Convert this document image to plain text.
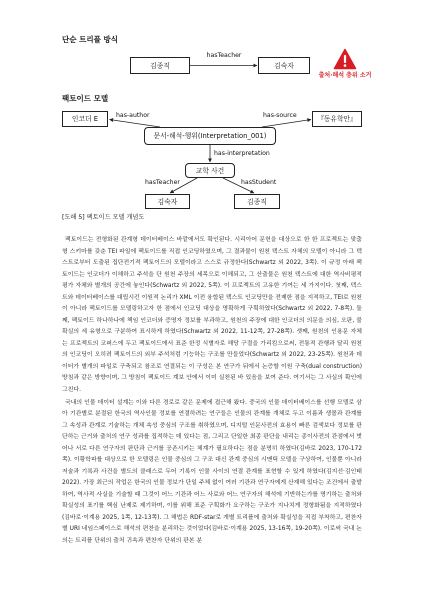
단순 트리플 방식
김종직
hasTeacher
김숙자
출처·해석 층위 소거
팩토이드 모델
인코더 E	『동유학안』
has-author	has-source
문서-해석-행위(Interpretation_001)
has-interpretation
교학 사건
hasTeacher	hasStudent
김숙자	김종직
[도해 5] 팩토이드 모델 개념도

팩토이드는 전형화된 관계형 데이터베이스 바깥에서도 확인된다. 시리아어 문헌을 대상으로 한 한 프로젝트는 맞춤형 스키마를 갖춘 TEI 파일에 팩토이드를 직접 인코딩하였으며, 그 결과물이 원천 텍스트 자체의 모델이 아니라 그 텍스트로부터 도출된 집단전기적 팩토이드의 모델이라고 스스로 규정한다(Schwartz 외 2022, 3쪽). 이 규정 아래 팩토이드는 인코더가 이해하고 주석을 단 원천 주장의 세목으로 이해되고, 그 산출물은 원천 텍스트에 대한 역사비평적 평가 자체와 별개의 공간에 놓인다(Schwartz 외 2022, 5쪽). 이 프로젝트의 고유한 기여는 세 가지이다. 첫째, 텍스트와 데이터베이스를 대립시킨 이원적 논리가 XML 이전 융합된 텍스트 인코딩만을 전제한 점을 지적하고, TEI로 원천이 아니라 팩토이드를 모델링하고자 한 점에서 인코딩 대상을 명확하게 구획하였다(Schwartz 외 2022, 7-8쪽). 둘째, 팩토이드 하나하나에 책임 인코더와 증명자 정보를 부과하고, 원천의 주장에 대한 인코더의 의문을 의심, 오판, 불확실의 세 유형으로 구분하여 표시하게 하였다(Schwartz 외 2022, 11-12쪽, 27-28쪽). 셋째, 원천의 인용문 자체는 프로젝트의 코퍼스에 두고 팩토이드에서 표준 한정 식별자로 해당 구절을 가리킴으로써, 전통적 관행과 달리 원천의 인코딩이 오히려 팩토이드의 외부 주석처럼 기능하는 구조를 만들었다(Schwartz 외 2022, 23-25쪽). 원천과 데이터가 별개의 파일로 구축되고 참조로 연결되는 이 구성은 본 연구가 뒤에서 논증할 이원 구축(dual construction) 방침과 같은 방향이며, 그 방침이 팩토이드 계보 안에서 이미 실천된 바 있음을 보여 준다. 여기서는 그 사실의 확인에 그친다.

국내의 인물 데이터 설계는 이와 다른 경로로 같은 문제에 접근해 왔다. 중국의 인물 데이터베이스를 선행 모델로 삼아 기관별로 분절된 한국의 역사인물 정보를 연결하려는 연구들은 인물의 관계를 개체로 두고 이름과 생몰과 관계를 그 속성과 관계로 기술하는 개체 속성 중심의 구조를 취하였으며, 디지털 인문사전의 효용이 빠른 검색보다 정보를 판단하는 근거와 출처의 연구 성과를 집적하는 데 있다는 점, 그리고 단일한 최종 판단을 내리는 종이사전의 관점에서 벗어나 서로 다른 연구자의 판단과 근거를 공존시키는 체계가 필요하다는 점을 분명히 하였다(김바로 2023, 170-172쪽). 이황학파를 대상으로 한 모델링은 인물 중심의 그 구조 대신 관계 중심의 시맨틱 모델을 구상하여, 인물뿐 아니라 저술과 기록과 사건을 별도의 클래스로 두어 기록이 인물 사이의 연결 관계를 표현할 수 있게 하였다(김지선·김인태 2022). 가장 최근의 작업은 한국의 인물 정보가 단일 주체 없이 여러 기관과 연구자에게 산재해 있다는 조건에서 출발하여, 역사적 사실을 기술할 때 그것이 어느 기관과 어느 사료와 어느 연구자의 해석에 기반하는가를 명기하는 출처와 확실성의 표기를 핵심 난제로 제기하며, 이를 위해 표준 구획화가 요구하는 구조가 지나치게 정형화됨을 지적하였다(김바로·이계용 2025, 1쪽, 12-13쪽). 그 해법은 RDF-star로 개별 트리플에 출처와 확실성을 직접 부착하고, 편찬자별 URI 네임스페이스로 해석의 편찬을 분리하는 것이었다(김바로·이계용 2025, 13-16쪽, 19-20쪽). 이로써 국내 논의는 트리플 단위의 출처 귀속과 편찬자 단위의 판본 분
